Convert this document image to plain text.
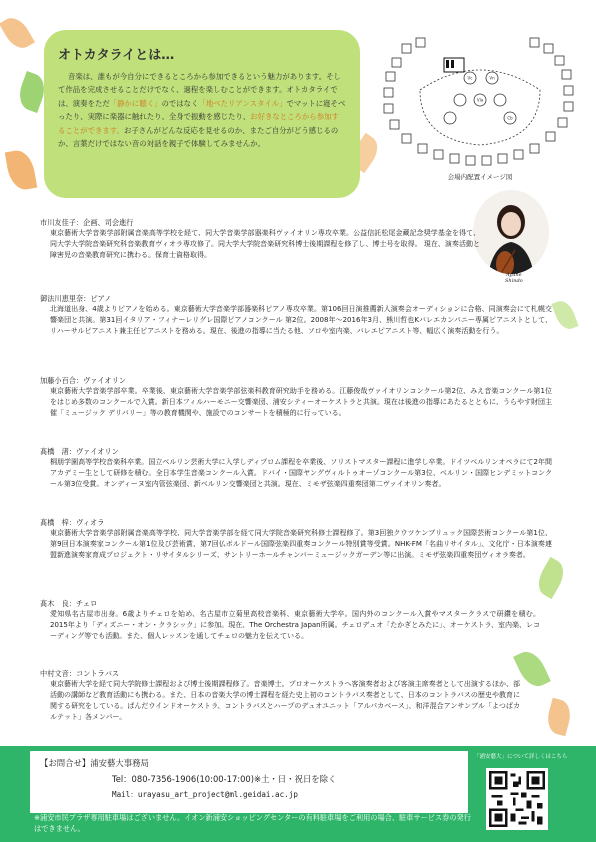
オトカタライとは…

音楽は、誰もが今自分にできるところから参加できるという魅力があります。そして作品を完成させることだけでなく、過程を楽しむことができます。オトカタライでは、演奏をただ「静かに聴く」のではなく「地べたリアンスタイル」でマットに寝そべったり、実際に楽器に触れたり、全身で振動を感じたり、お好きなところから参加することができます。お子さんがどんな反応を見せるのか、またご自分がどう感じるのか、言葉だけではない音の対話を親子で体験してみませんか。

Vc	Vn
Vla
Cb
会場内配置イメージ図
Ayane
Shindo
市川友佳子：企画、司会進行
東京藝術大学音楽学部附属音楽高等学校を経て、同大学音楽学部器楽科ヴァイオリン専攻卒業。公益信託松尾金藏記念奨学基金を得て、同大学大学院音楽研究科音楽教育ヴィオラ専攻修了。同大学大学院音楽研究科博士後期課程を修了し、博士号を取得。 現在、演奏活動と障害児の音楽教育研究に携わる。保育士資格取得。
御法川恵里奈：ピアノ
北海道出身、4歳よりピアノを始める。東京藝術大学音楽学部器楽科ピアノ専攻卒業。第106回日演推薦新人演奏会オーディションに合格、同演奏会にて札幌交響楽団と共演。第31回イタリア・フィナーレリグレ国際ピアノコンクール 第2位。2008年～2016年3月、熊川哲也Kバレエカンパニー専属ピアニストとして、リハーサルピアニスト兼主任ピアニストを務める。現在、後進の指導に当たる他、ソロや室内楽、バレエピアニスト等、幅広く演奏活動を行う。
加藤小百合：ヴァイオリン
東京藝術大学音楽学部卒業。卒業後、東京藝術大学音楽学部弦楽科教育研究助手を務める。江藤俊哉ヴァイオリンコンクール第2位、みえ音楽コンクール第1位をはじめ多数のコンクールで入賞。新日本フィルハーモニー交響楽団、浦安シティーオーケストラと共演。現在は後進の指導にあたるとともに、うらやす財団主催「ミュージック デリバリー」等の教育機関や、施設でのコンサートを積極的に行っている。
髙橋　渚：ヴァイオリン
桐朋学園高等学校音楽科卒業。国立ベルリン芸術大学に入学しディプロム課程を卒業後、ソリストマスター課程に進学し卒業。ドイツベルリンオペラにて2年間アカデミー生として研修を積む。全日本学生音楽コンクール入賞。ドバイ・国際ヤングヴィルトゥオーゾコンクール第3位、ベルリン・国際ヒンデミットコンクール第3位受賞。オンディーヌ室内管弦楽団、新ベルリン交響楽団と共演。現在、ミモザ弦楽四重奏団第二ヴァイオリン奏者。
髙橋　梓：ヴィオラ
東京藝術大学音楽学部附属音楽高等学校、同大学音楽学部を経て同大学院音楽研究科修士課程修了。第3回独クウツケンブリュック国際芸術コンクール第1位、第9回日本演奏家コンクール第1位及び芸術賞、第7回仏ボルドール国際弦楽四重奏コンクール特別賞等受賞。NHK-FM「名曲リサイタル」、文化庁・日本演奏連盟新進演奏家育成プロジェクト・リサイタルシリーズ、サントリーホールチャンバーミュージックガーデン等に出演。ミモザ弦楽四重奏団ヴィオラ奏者。
髙木　良：チェロ
愛知県名古屋市出身。6歳よりチェロを始め、名古屋市立菊里高校音楽科、東京藝術大学卒。国内外のコンクール入賞やマスタークラスで研鑽を積む。2015年より「ディズニー・オン・クラシック」に参加。現在、The Orchestra Japan所属。チェロデュオ「たかぎとみたに」、オーケストラ、室内楽、レコーディング等でも活動。また、個人レッスンを通してチェロの魅力を伝えている。
中村文音：コントラバス
東京藝術大学を経て同大学院修士課程および博士後期課程修了。音楽博士。プロオーケストラへ客演奏者および客演主席奏者として出演するほか、部活動の講師など教育活動にも携わる。また、日本の音楽大学の博士課程を経た史上初のコントラバス奏者として、日本のコントラバスの歴史や教育に関する研究をしている。ぱんだウインドオーケストラ、コントラバスとハープのデュオユニット「アルパカベース」、和洋混合アンサンブル「よつばカルテット」各メンバー。
【お問合せ】浦安藝大事務局
Tel：080-7356-1906(10:00-17:00)※土・日・祝日を除く
Mail：urayasu_art_project@ml.geidai.ac.jp
「浦安藝大」について詳しくはこちら
※浦安市民プラザ専用駐車場はございません。イオン新浦安ショッピングセンターの有料駐車場をご利用の場合、駐車サービス券の発行はできません。
